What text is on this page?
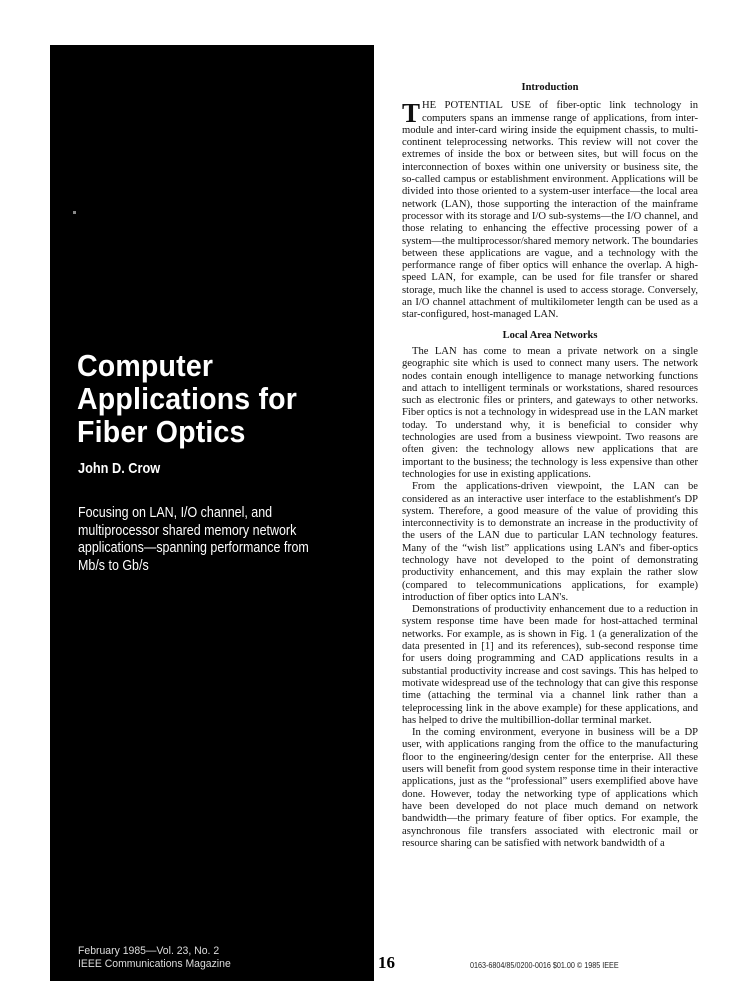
Computer
Applications for
Fiber Optics
John D. Crow
Focusing on LAN, I/O channel, and
multiprocessor shared memory network
applications—spanning performance from
Mb/s to Gb/s
February 1985—Vol. 23, No. 2
IEEE Communications Magazine	16	0163-6804/85/0200-0016 $01.00 © 1985 IEEE
Introduction

THE POTENTIAL USE of fiber-optic link technology in computers spans an immense range of applications, from inter-module and inter-card wiring inside the equipment chassis, to multi-continent teleprocessing networks. This review will not cover the extremes of inside the box or between sites, but will focus on the interconnection of boxes within one university or business site, the so-called campus or establishment environment. Applications will be divided into those oriented to a system-user interface—the local area network (LAN), those supporting the interaction of the mainframe processor with its storage and I/O sub-systems—the I/O channel, and those relating to enhancing the effective processing power of a system—the multiprocessor/shared memory network. The boundaries between these applications are vague, and a technology with the performance range of fiber optics will enhance the overlap. A high-speed LAN, for example, can be used for file transfer or shared storage, much like the channel is used to access storage. Conversely, an I/O channel attachment of multikilometer length can be used as a star-configured, host-managed LAN.

Local Area Networks

The LAN has come to mean a private network on a single geographic site which is used to connect many users. The network nodes contain enough intelligence to manage networking functions and attach to intelligent terminals or workstations, shared resources such as electronic files or printers, and gateways to other networks. Fiber optics is not a technology in widespread use in the LAN market today. To understand why, it is beneficial to consider why technologies are used from a business viewpoint. Two reasons are often given: the technology allows new applications that are important to the business; the technology is less expensive than other technologies for use in existing applications.

From the applications-driven viewpoint, the LAN can be considered as an interactive user interface to the establishment's DP system. Therefore, a good measure of the value of providing this interconnectivity is to demonstrate an increase in the productivity of the users of the LAN due to particular LAN technology features. Many of the “wish list” applications using LAN's and fiber-optics technology have not developed to the point of demonstrating productivity enhancement, and this may explain the rather slow (compared to telecommunications applications, for example) introduction of fiber optics into LAN's.

Demonstrations of productivity enhancement due to a reduction in system response time have been made for host-attached terminal networks. For example, as is shown in Fig. 1 (a generalization of the data presented in [1] and its references), sub-second response time for users doing programming and CAD applications results in a substantial productivity increase and cost savings. This has helped to motivate widespread use of the technology that can give this response time (attaching the terminal via a channel link rather than a teleprocessing link in the above example) for these applications, and has helped to drive the multibillion-dollar terminal market.

In the coming environment, everyone in business will be a DP user, with applications ranging from the office to the manufacturing floor to the engineering/design center for the enterprise. All these users will benefit from good system response time in their interactive applications, just as the “professional” users exemplified above have done. However, today the networking type of applications which have been developed do not place much demand on network bandwidth—the primary feature of fiber optics. For example, the asynchronous file transfers associated with electronic mail or resource sharing can be satisfied with network bandwidth of a
